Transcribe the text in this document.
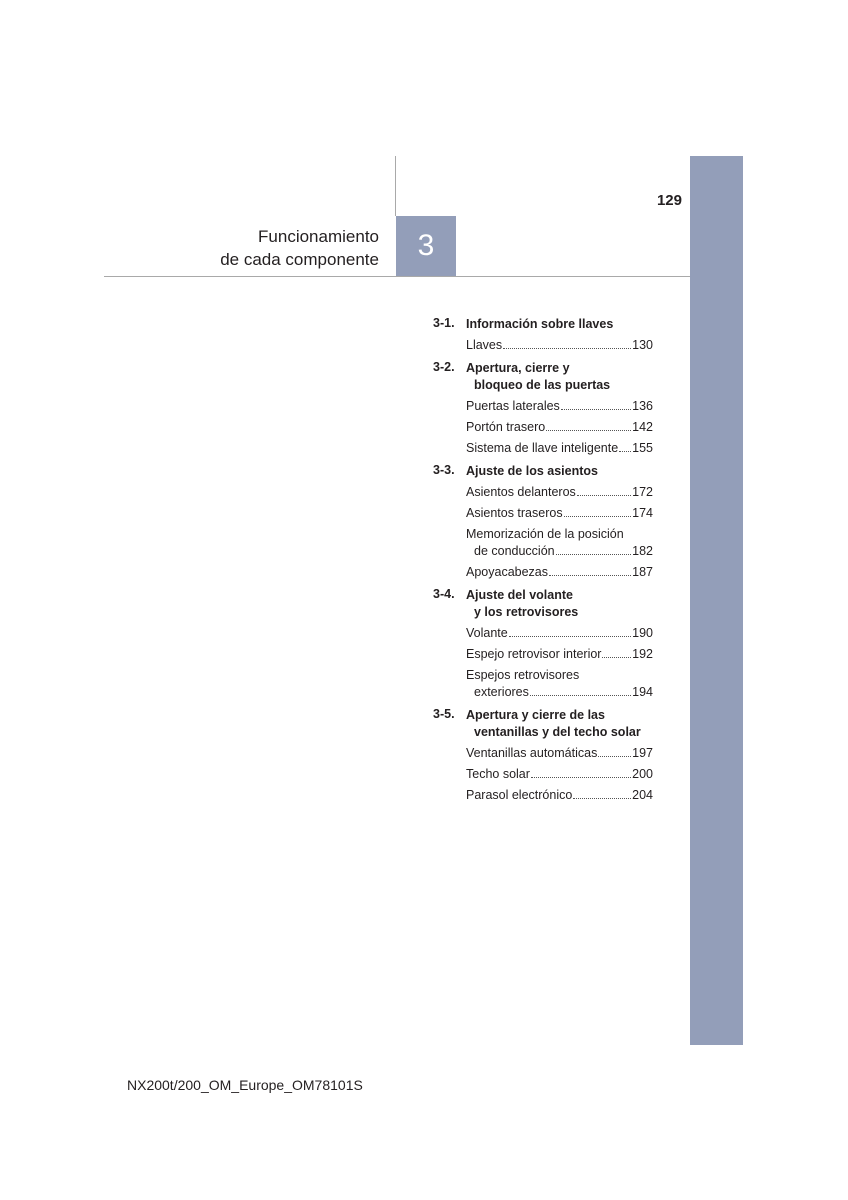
129
Funcionamiento
de cada componente 3
3-1. Información sobre llaves
Llaves	130
3-2. Apertura, cierre y
bloqueo de las puertas
Puertas laterales	136
Portón trasero	142
Sistema de llave inteligente 155
3-3. Ajuste de los asientos
Asientos delanteros	172
Asientos traseros	174
Memorización de la posición
de conducción	182
Apoyacabezas	187
3-4. Ajuste del volante
y los retrovisores
Volante	190
Espejo retrovisor interior 192
Espejos retrovisores
exteriores	194
3-5. Apertura y cierre de las
ventanillas y del techo solar
Ventanillas automáticas	197
Techo solar	200
Parasol electrónico	204
NX200t/200_OM_Europe_OM78101S
